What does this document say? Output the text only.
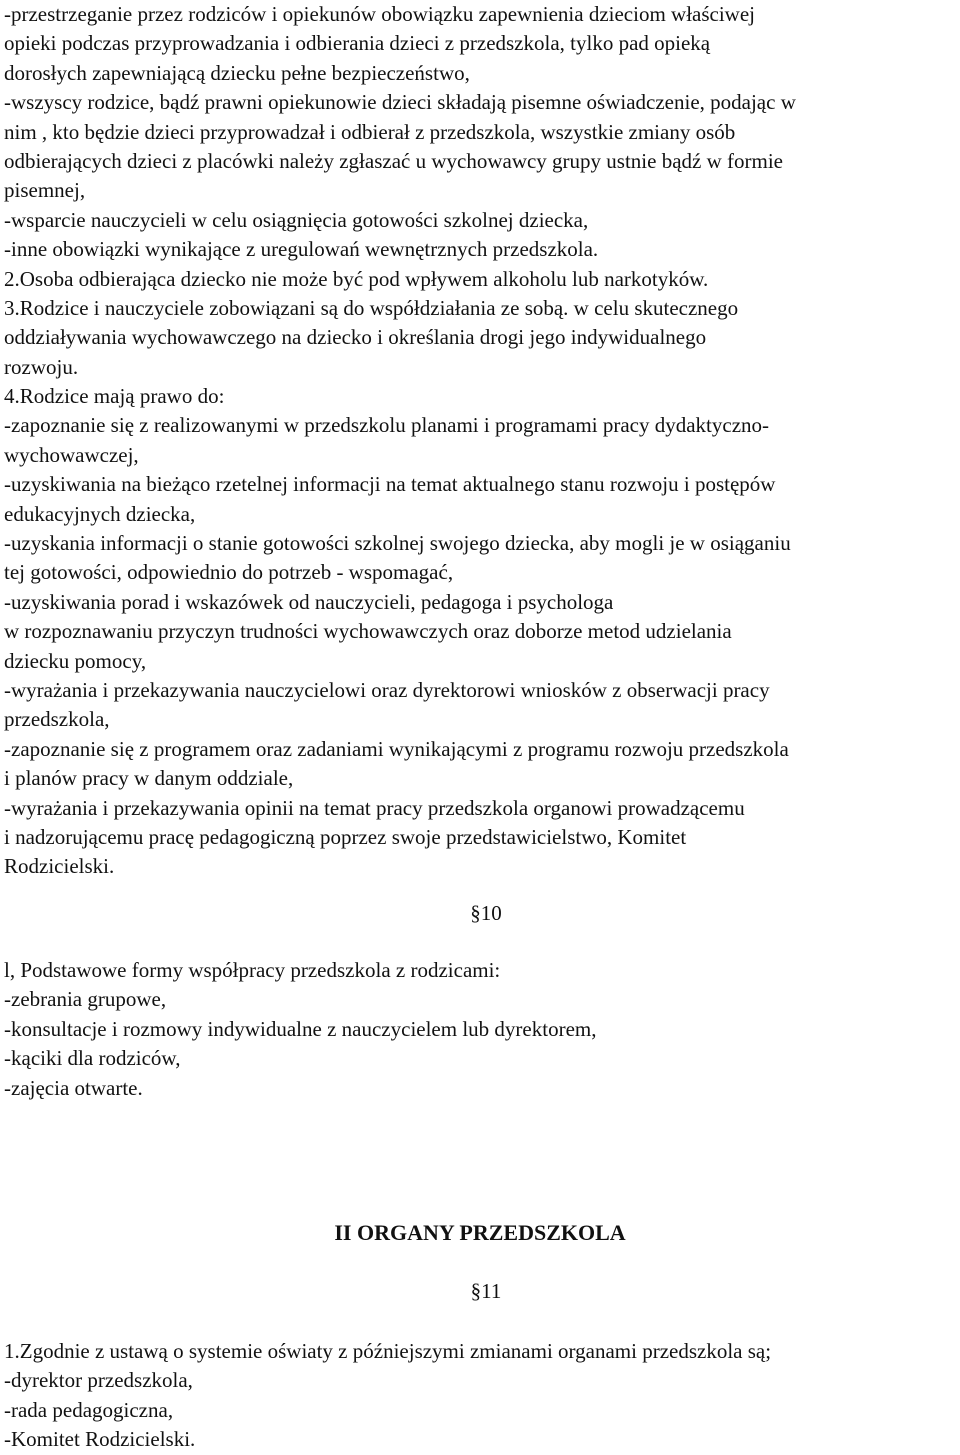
-przestrzeganie przez rodziców i opiekunów obowiązku zapewnienia dzieciom właściwej
opieki podczas przyprowadzania i odbierania dzieci z przedszkola, tylko pad opieką
dorosłych zapewniającą dziecku pełne bezpieczeństwo,
-wszyscy rodzice, bądź prawni opiekunowie dzieci składają pisemne oświadczenie, podając w
nim , kto będzie dzieci przyprowadzał i odbierał z przedszkola, wszystkie zmiany osób
odbierających dzieci z placówki należy zgłaszać u wychowawcy grupy ustnie bądź w formie
pisemnej,
-wsparcie nauczycieli w celu osiągnięcia gotowości szkolnej dziecka,
-inne obowiązki wynikające z uregulowań wewnętrznych przedszkola.
2.Osoba odbierająca dziecko nie może być pod wpływem alkoholu lub narkotyków.
3.Rodzice i nauczyciele zobowiązani są do współdziałania ze sobą. w celu skutecznego
oddziaływania wychowawczego na dziecko i określania drogi jego indywidualnego
rozwoju.
4.Rodzice mają prawo do:
-zapoznanie się z realizowanymi w przedszkolu planami i programami pracy dydaktyczno-
wychowawczej,
-uzyskiwania na bieżąco rzetelnej informacji na temat aktualnego stanu rozwoju i postępów
edukacyjnych dziecka,
-uzyskania informacji o stanie gotowości szkolnej swojego dziecka, aby mogli je w osiąganiu
tej gotowości, odpowiednio do potrzeb - wspomagać,
-uzyskiwania porad i wskazówek od nauczycieli, pedagoga i psychologa
w rozpoznawaniu przyczyn trudności wychowawczych oraz doborze metod udzielania
dziecku pomocy,
-wyrażania i przekazywania nauczycielowi oraz dyrektorowi wniosków z obserwacji pracy
przedszkola,
-zapoznanie się z programem oraz zadaniami wynikającymi z programu rozwoju przedszkola
i planów pracy w danym oddziale,
-wyrażania i przekazywania opinii na temat pracy przedszkola organowi prowadzącemu
i nadzorującemu pracę pedagogiczną poprzez swoje przedstawicielstwo, Komitet
Rodzicielski.
§10
l, Podstawowe formy współpracy przedszkola z rodzicami:
-zebrania grupowe,
-konsultacje i rozmowy indywidualne z nauczycielem lub dyrektorem,
-kąciki dla rodziców,
-zajęcia otwarte.
II ORGANY PRZEDSZKOLA
§11
1.Zgodnie z ustawą o systemie oświaty z późniejszymi zmianami organami przedszkola są;
-dyrektor przedszkola,
-rada pedagogiczna,
-Komitet Rodzicielski.
